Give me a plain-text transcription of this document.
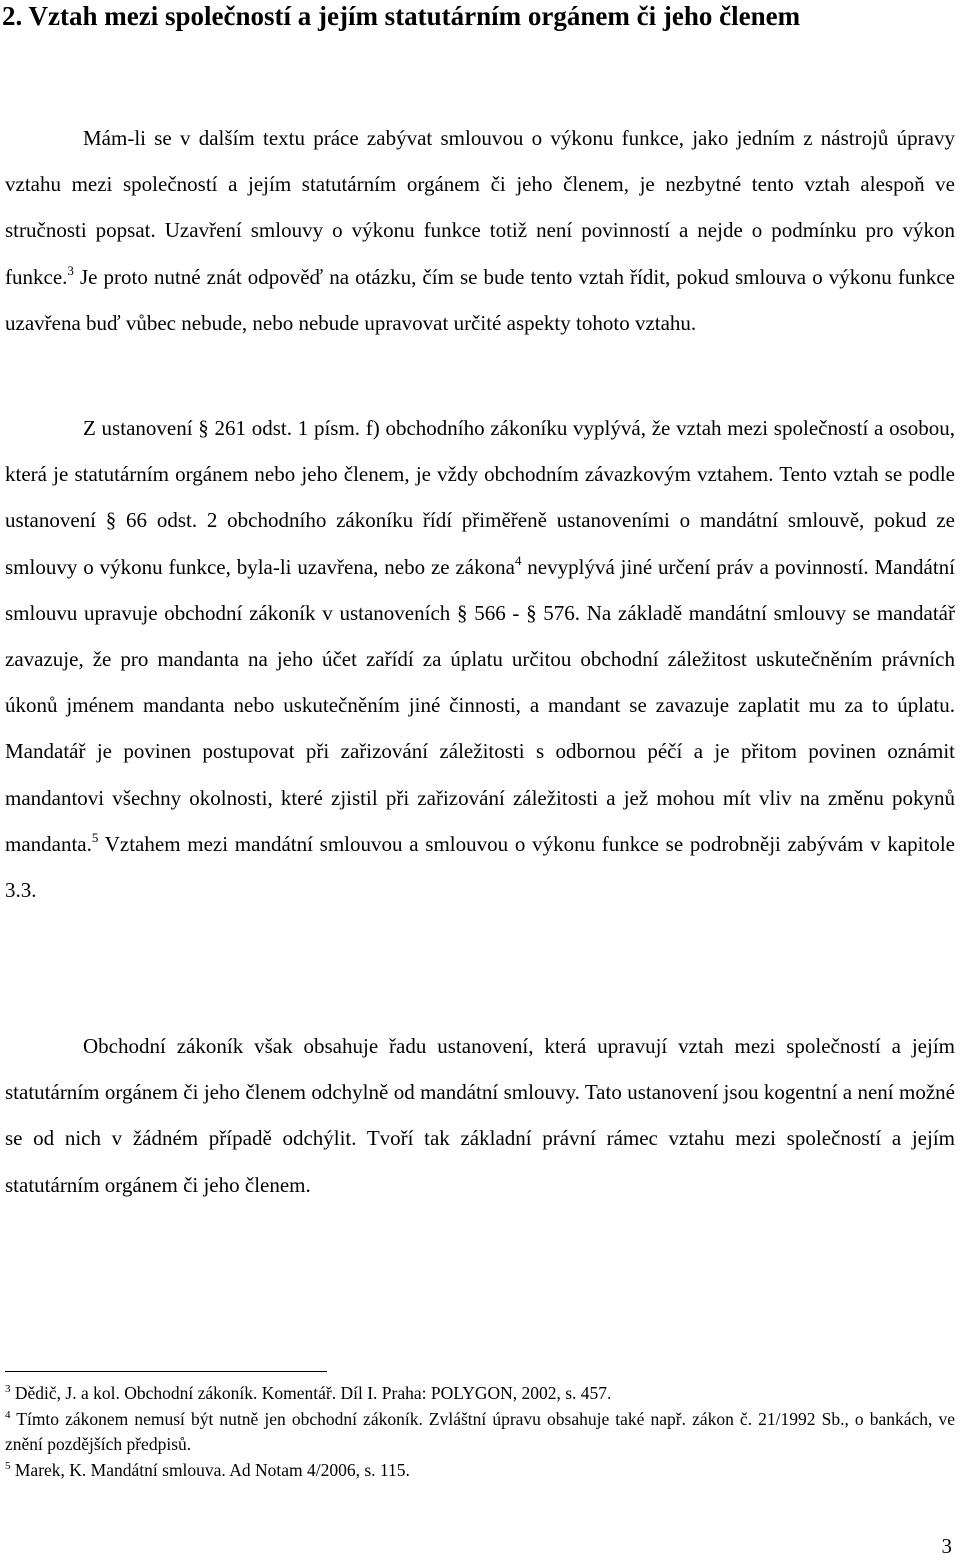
2. Vztah mezi společností a jejím statutárním orgánem či jeho členem

Mám-li se v dalším textu práce zabývat smlouvou o výkonu funkce, jako jedním z nástrojů úpravy vztahu mezi společností a jejím statutárním orgánem či jeho členem, je nezbytné tento vztah alespoň ve stručnosti popsat. Uzavření smlouvy o výkonu funkce totiž není povinností a nejde o podmínku pro výkon funkce.$^3$ Je proto nutné znát odpověď na otázku, čím se bude tento vztah řídit, pokud smlouva o výkonu funkce uzavřena buď vůbec nebude, nebo nebude upravovat určité aspekty tohoto vztahu.

Z ustanovení § 261 odst. 1 písm. f) obchodního zákoníku vyplývá, že vztah mezi společností a osobou, která je statutárním orgánem nebo jeho členem, je vždy obchodním závazkovým vztahem. Tento vztah se podle ustanovení § 66 odst. 2 obchodního zákoníku řídí přiměřeně ustanoveními o mandátní smlouvě, pokud ze smlouvy o výkonu funkce, byla-li uzavřena, nebo ze zákona$^4$ nevyplývá jiné určení práv a povinností. Mandátní smlouvu upravuje obchodní zákoník v ustanoveních § 566 - § 576. Na základě mandátní smlouvy se mandatář zavazuje, že pro mandanta na jeho účet zařídí za úplatu určitou obchodní záležitost uskutečněním právních úkonů jménem mandanta nebo uskutečněním jiné činnosti, a mandant se zavazuje zaplatit mu za to úplatu. Mandatář je povinen postupovat při zařizování záležitosti s odbornou péčí a je přitom povinen oznámit mandantovi všechny okolnosti, které zjistil při zařizování záležitosti a jež mohou mít vliv na změnu pokynů mandanta.$^5$ Vztahem mezi mandátní smlouvou a smlouvou o výkonu funkce se podrobněji zabývám v kapitole 3.3.

Obchodní zákoník však obsahuje řadu ustanovení, která upravují vztah mezi společností a jejím statutárním orgánem či jeho členem odchylně od mandátní smlouvy. Tato ustanovení jsou kogentní a není možné se od nich v žádném případě odchýlit. Tvoří tak základní právní rámec vztahu mezi společností a jejím statutárním orgánem či jeho členem.

$^3$ Dědič, J. a kol. Obchodní zákoník. Komentář. Díl I. Praha: POLYGON, 2002, s. 457.

$^4$ Tímto zákonem nemusí být nutně jen obchodní zákoník. Zvláštní úpravu obsahuje také např. zákon č. 21/1992 Sb., o bankách, ve znění pozdějších předpisů.

$^5$ Marek, K. Mandátní smlouva. Ad Notam 4/2006, s. 115.

3
